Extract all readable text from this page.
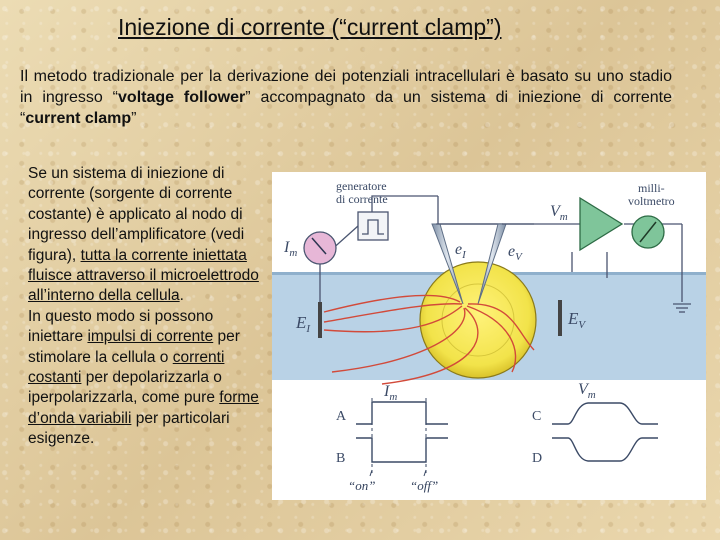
Iniezione di corrente (“current clamp”)
Il metodo tradizionale per la derivazione dei potenziali intracellulari è basato su uno stadio in ingresso “voltage follower” accompagnato da un sistema di iniezione di corrente “current clamp”
Se un sistema di iniezione di corrente (sorgente di corrente costante) è applicato al nodo di ingresso dell’amplificatore (vedi figura), tutta la corrente iniettata fluisce attraverso il microelettrodo all’interno della cellula.
In questo modo si possono iniettare impulsi di corrente per stimolare la cellula o correnti costanti per depolarizzarla o iperpolarizzarla, come pure forme d’onda variabili per particolari esigenze.
generatore
di corrente
$I_m$
$E_I$
$E_V$
$V_m$
milli-
voltmetro
$e_I$	$e_V$
$I_m$	$V_m$
A
B
C
D
“on”	“off”
